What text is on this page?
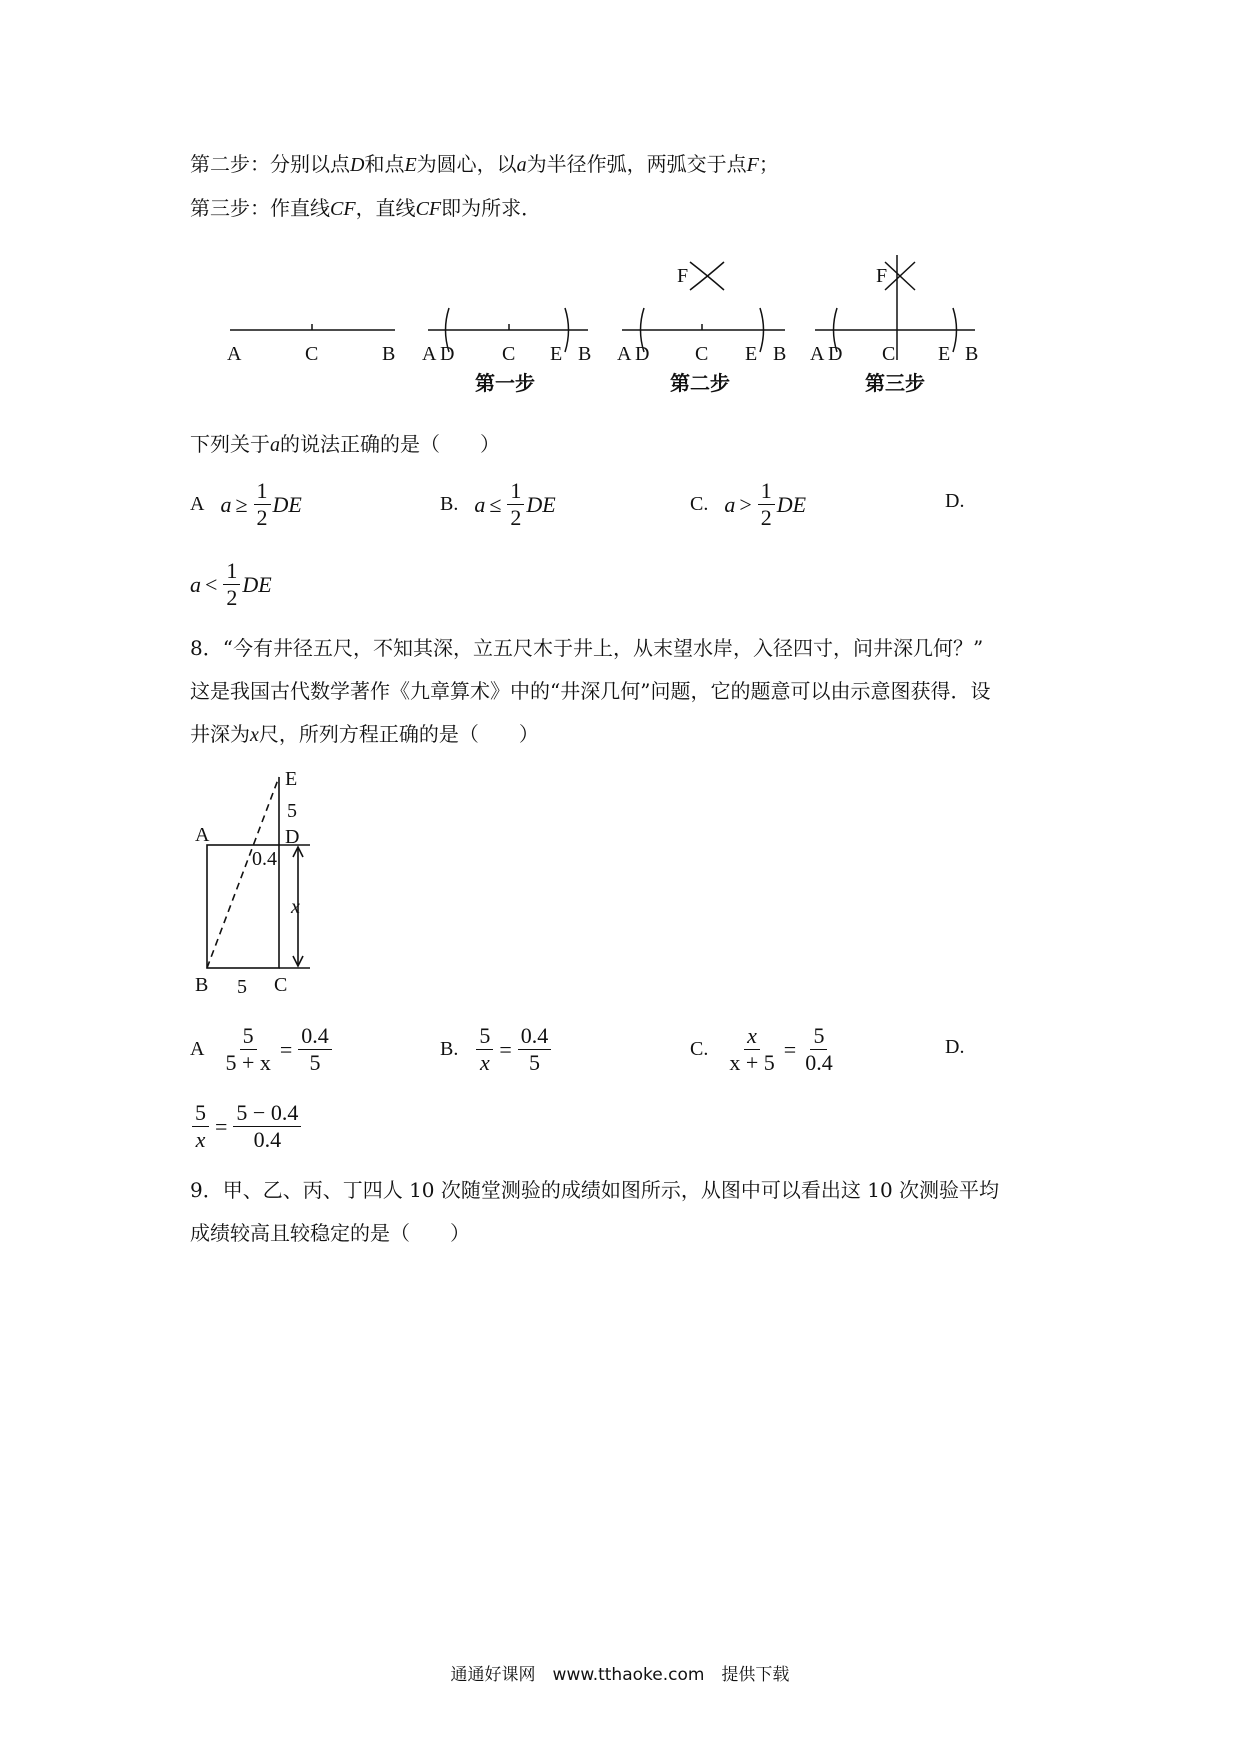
第二步：分别以点D和点E为圆心，以a为半径作弧，两弧交于点F；
第三步：作直线CF，直线CF即为所求．
A	C	B A D C E B
F
A D C E B
F
A D C E B
第一步	第二步	第三步
下列关于a的说法正确的是（　　）
A $a \ge \frac{1}{2}$ DE	B. $a \le \frac{1}{2}$ DE	C. $a > \frac{1}{2}$ DE	D.
$a < \frac{1}{2}$ DE
8．“今有井径五尺，不知其深，立五尺木于井上，从末望水岸，入径四寸，问井深几何？”
这是我国古代数学著作《九章算术》中的“井深几何”问题，它的题意可以由示意图获得．设
井深为x尺，所列方程正确的是（　　）
E
5
A	D
0.4
x
B 5 C
A $\frac{5}{5 + x} = \frac{0.4}{5}$	B. $\frac{5}{x} = \frac{0.4}{5}$	C. $\frac{x}{x + 5} = \frac{5}{0.4}$	D.
$\frac{5}{x} = \frac{5 - 0.4}{0.4}$
9．甲、乙、丙、丁四人 10 次随堂测验的成绩如图所示，从图中可以看出这 10 次测验平均
成绩较高且较稳定的是（　　）
通通好课网　www.tthaoke.com　提供下载
